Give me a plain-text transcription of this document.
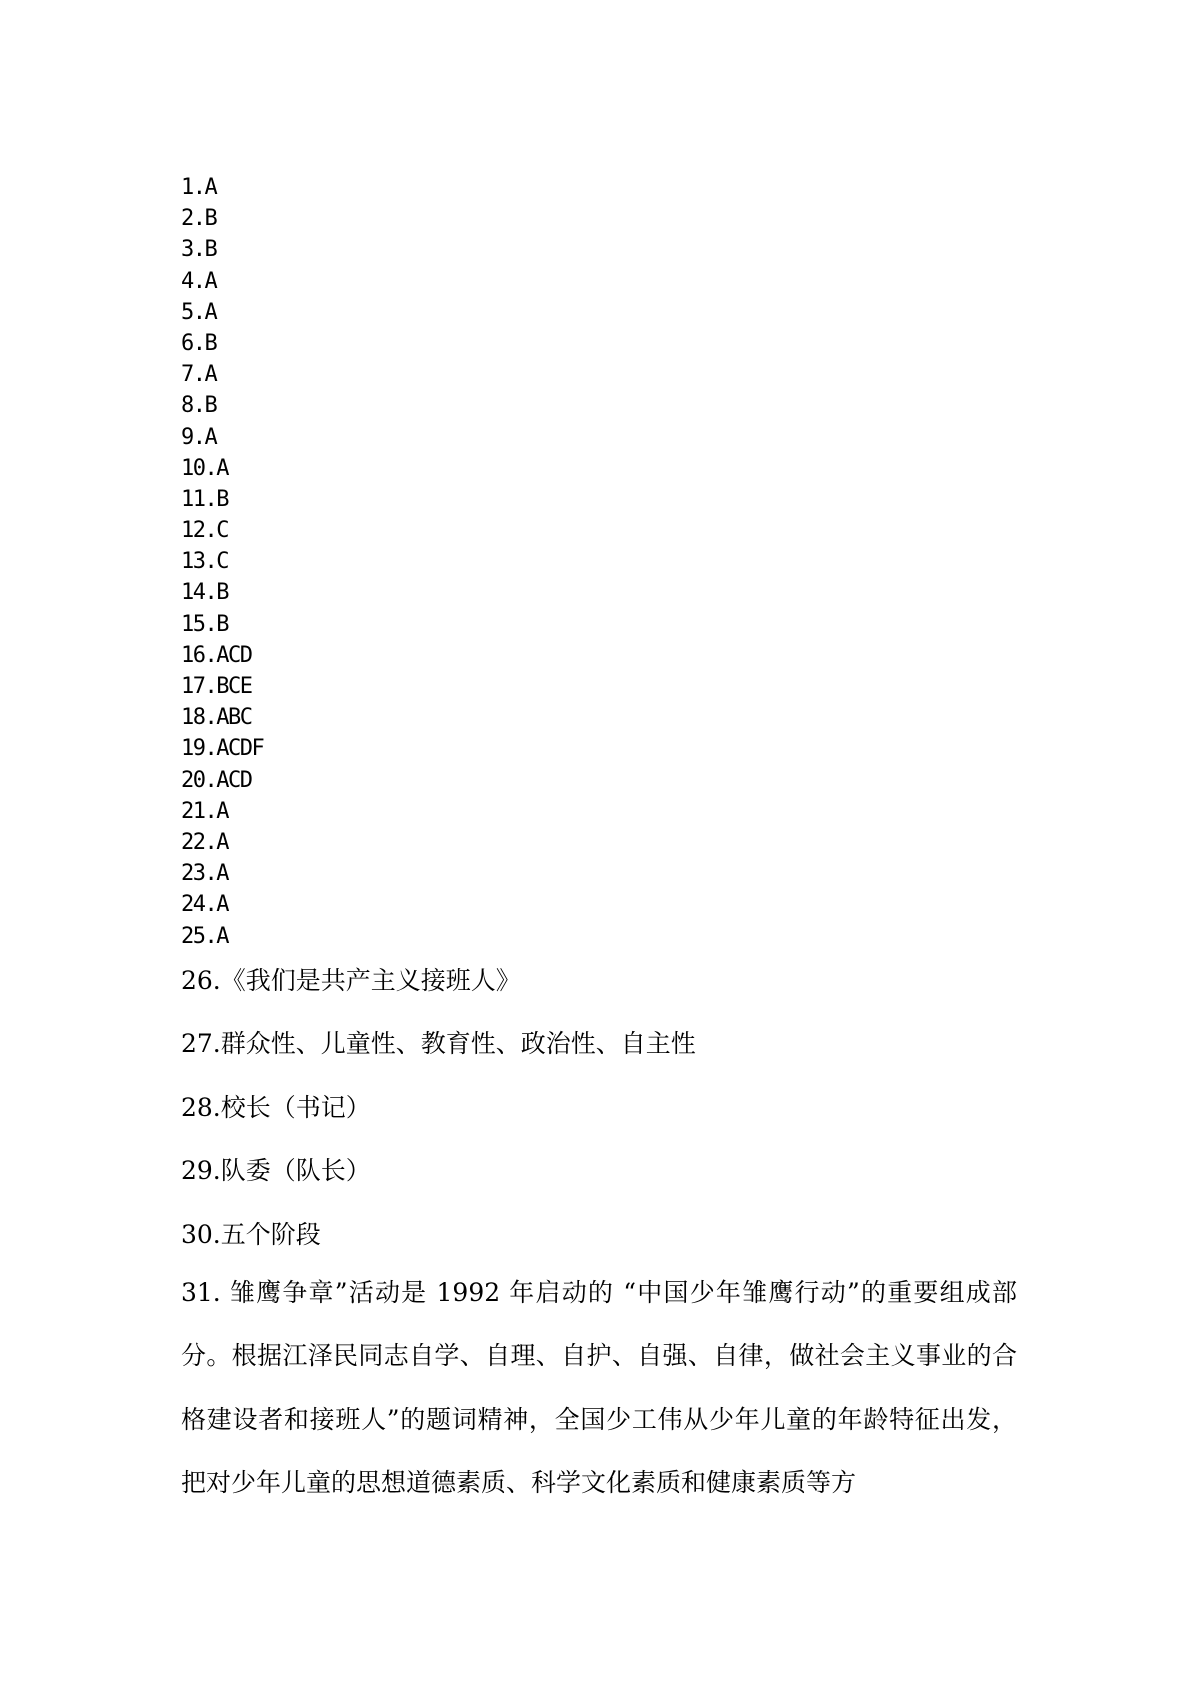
1.A
2.B
3.B
4.A
5.A
6.B
7.A
8.B
9.A
10.A
11.B
12.C
13.C
14.B
15.B
16.ACD
17.BCE
18.ABC
19.ACDF
20.ACD
21.A
22.A
23.A
24.A
25.A
26.《我们是共产主义接班人》
27.群众性、儿童性、教育性、政治性、自主性
28.校长（书记）
29.队委（队长）
30.五个阶段

31. 雏鹰争章”活动是 1992 年启动的 “中国少年雏鹰行动”的重要组成部分。根据江泽民同志自学、自理、自护、自强、自律，做社会主义事业的合格建设者和接班人”的题词精神，全国少工伟从少年儿童的年龄特征出发，把对少年儿童的思想道德素质、科学文化素质和健康素质等方
